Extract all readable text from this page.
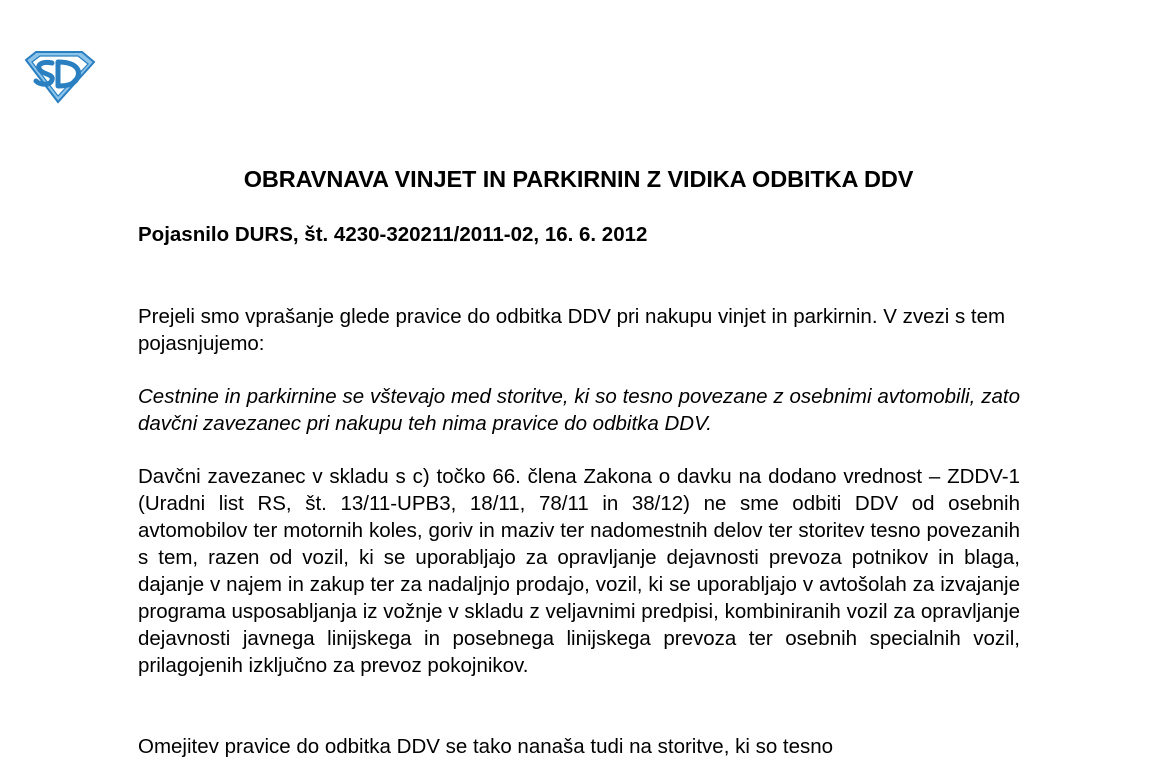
OBRAVNAVA VINJET IN PARKIRNIN Z VIDIKA ODBITKA DDV

Pojasnilo DURS, št. 4230-320211/2011-02, 16. 6. 2012

Prejeli smo vprašanje glede pravice do odbitka DDV pri nakupu vinjet in parkirnin. V zvezi s tem pojasnjujemo:

Cestnine in parkirnine se vštevajo med storitve, ki so tesno povezane z osebnimi avtomobili, zato davčni zavezanec pri nakupu teh nima pravice do odbitka DDV.

Davčni zavezanec v skladu s c) točko 66. člena Zakona o davku na dodano vrednost – ZDDV-1 (Uradni list RS, št. 13/11-UPB3, 18/11, 78/11 in 38/12) ne sme odbiti DDV od osebnih avtomobilov ter motornih koles, goriv in maziv ter nadomestnih delov ter storitev tesno povezanih s tem, razen od vozil, ki se uporabljajo za opravljanje dejavnosti prevoza potnikov in blaga, dajanje v najem in zakup ter za nadaljnjo prodajo, vozil, ki se uporabljajo v avtošolah za izvajanje programa usposabljanja iz vožnje v skladu z veljavnimi predpisi, kombiniranih vozil za opravljanje dejavnosti javnega linijskega in posebnega linijskega prevoza ter osebnih specialnih vozil, prilagojenih izključno za prevoz pokojnikov.

Omejitev pravice do odbitka DDV se tako nanaša tudi na storitve, ki so tesno
